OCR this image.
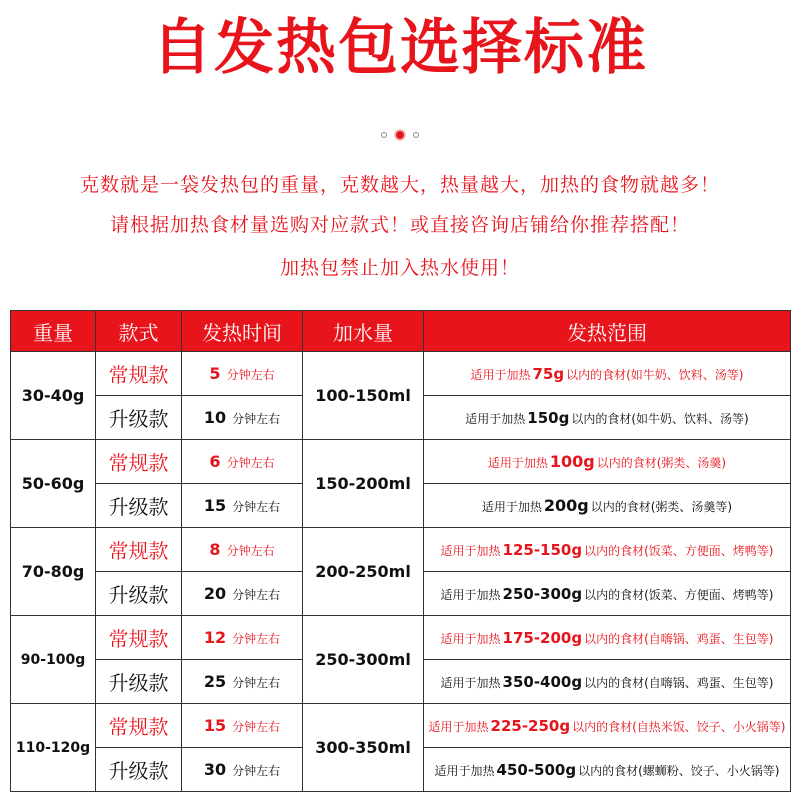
自发热包选择标准
克数就是一袋发热包的重量，克数越大，热量越大，加热的食物就越多！
请根据加热食材量选购对应款式！或直接咨询店铺给你推荐搭配！
加热包禁止加入热水使用！
重量	款式	发热时间	加水量	发热范围
30-40g	常规款	5 分钟左右	100-150ml	适用于加热 75g 以内的食材(如牛奶、饮料、汤等)
	升级款	10 分钟左右		适用于加热 150g 以内的食材(如牛奶、饮料、汤等)
50-60g	常规款	6 分钟左右	150-200ml	适用于加热 100g 以内的食材(粥类、汤羹)
	升级款	15 分钟左右		适用于加热 200g 以内的食材(粥类、汤羹等)
70-80g	常规款	8 分钟左右	200-250ml	适用于加热 125-150g 以内的食材(饭菜、方便面、烤鸭等)
	升级款	20 分钟左右		适用于加热 250-300g 以内的食材(饭菜、方便面、烤鸭等)
90-100g	常规款	12 分钟左右	250-300ml	适用于加热 175-200g 以内的食材(自嗨锅、鸡蛋、生包等)
	升级款	25 分钟左右		适用于加热 350-400g 以内的食材(自嗨锅、鸡蛋、生包等)
110-120g	常规款	15 分钟左右	300-350ml	适用于加热 225-250g 以内的食材(自热米饭、饺子、小火锅等)
	升级款	30 分钟左右		适用于加热 450-500g 以内的食材(螺蛳粉、饺子、小火锅等)
